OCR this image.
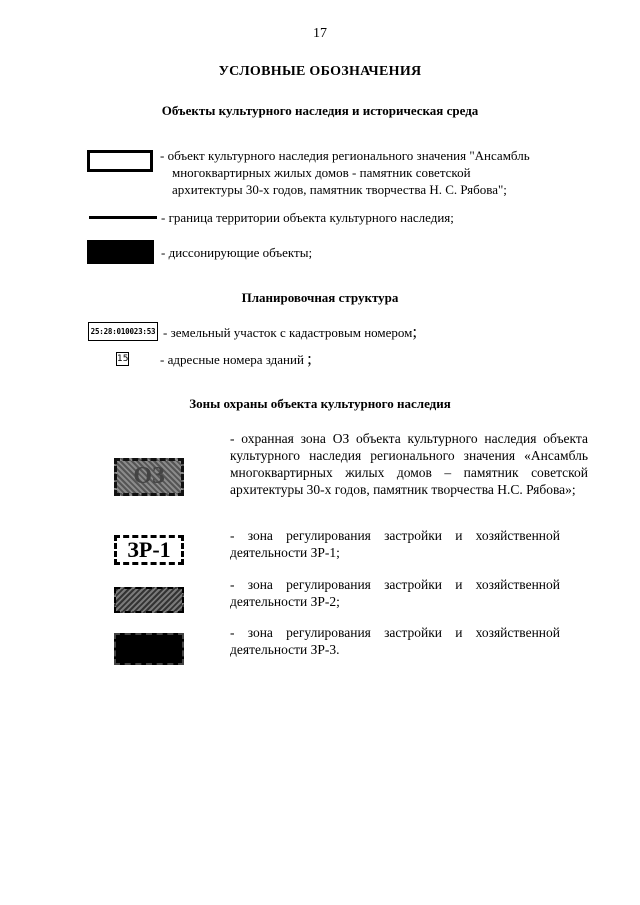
17
УСЛОВНЫЕ ОБОЗНАЧЕНИЯ
Объекты культурного наследия и историческая среда
- объект культурного наследия регионального значения "Ансамбль
многоквартирных жилых домов - памятник советской
архитектуры 30-х годов, памятник творчества Н. С. Рябова";
- граница территории объекта культурного наследия;
- диссонирующие объекты;
Планировочная структура
25:28:010023:53 - земельный участок с кадастровым номером;
15 - адресные номера зданий ;
Зоны охраны объекта культурного наследия
ОЗ
- охранная зона ОЗ объекта культурного наследия объекта культурного наследия регионального значения «Ансамбль многоквартирных жилых домов – памятник советской архитектуры 30-х годов, памятник творчества Н.С. Рябова»;
ЗР-1
- зона регулирования застройки и хозяйственной деятельности ЗР-1;
- зона регулирования застройки и хозяйственной деятельности ЗР-2;
- зона регулирования застройки и хозяйственной деятельности ЗР-3.
